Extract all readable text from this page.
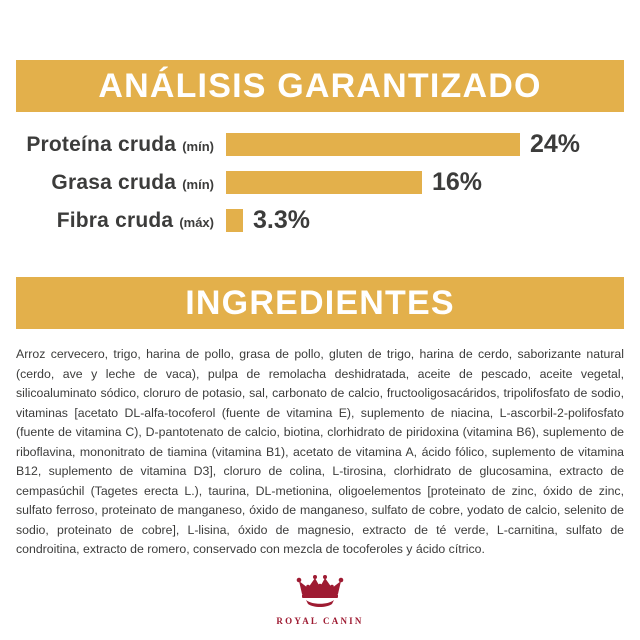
ANÁLISIS GARANTIZADO
Proteína cruda (mín)	24%
Grasa cruda (mín)	16%
Fibra cruda (máx)	3.3%
INGREDIENTES
Arroz cervecero, trigo, harina de pollo, grasa de pollo, gluten de trigo, harina de cerdo, saborizante natural (cerdo, ave y leche de vaca), pulpa de remolacha deshidratada, aceite de pescado, aceite vegetal, silicoaluminato sódico, cloruro de potasio, sal, carbonato de calcio, fructooligosacáridos, tripolifosfato de sodio, vitaminas [acetato DL-alfa-tocoferol (fuente de vitamina E), suplemento de niacina, L-ascorbil-2-polifosfato (fuente de vitamina C), D-pantotenato de calcio, biotina, clorhidrato de piridoxina (vitamina B6), suplemento de riboflavina, mononitrato de tiamina (vitamina B1), acetato de vitamina A, ácido fólico, suplemento de vitamina B12, suplemento de vitamina D3], cloruro de colina, L-tirosina, clorhidrato de glucosamina, extracto de cempasúchil (Tagetes erecta L.), taurina, DL-metionina, oligoelementos [proteinato de zinc, óxido de zinc, sulfato ferroso, proteinato de manganeso, óxido de manganeso, sulfato de cobre, yodato de calcio, selenito de sodio, proteinato de cobre], L-lisina, óxido de magnesio, extracto de té verde, L-carnitina, sulfato de condroitina, extracto de romero, conservado con mezcla de tocoferoles y ácido cítrico.
ROYAL CANIN
